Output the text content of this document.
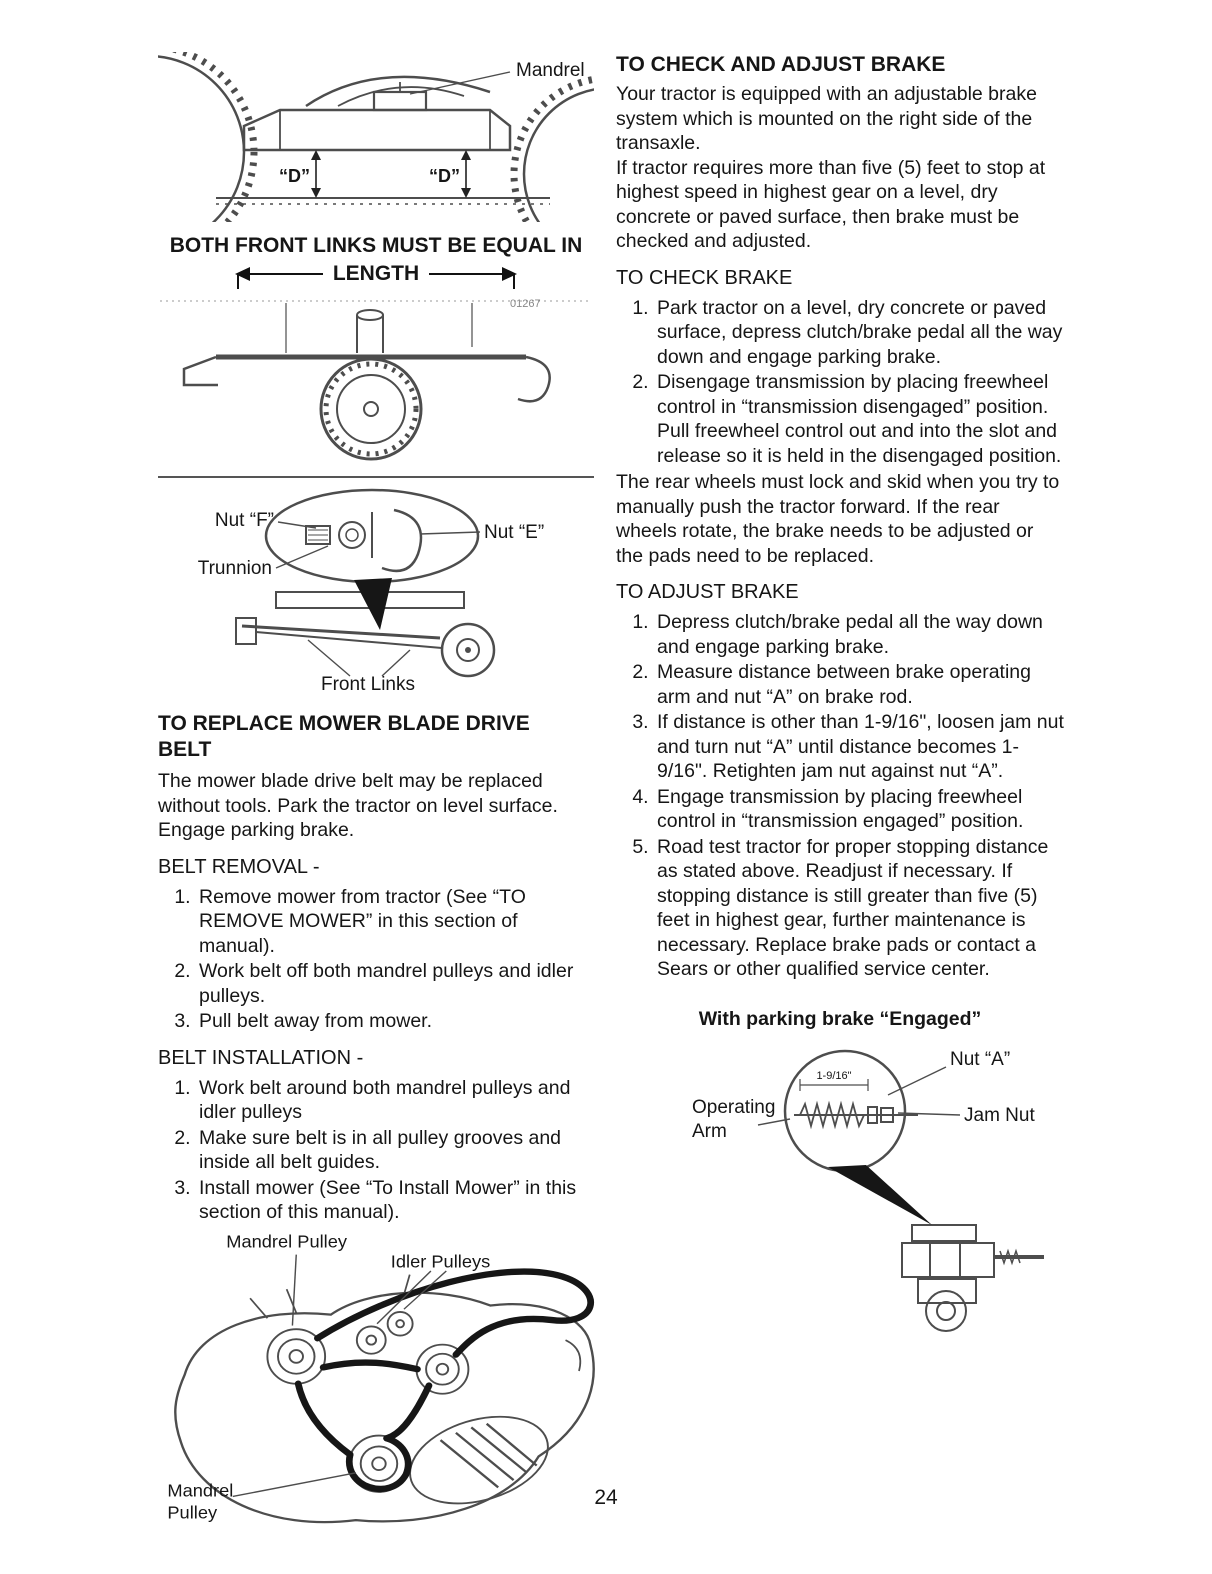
Mandrel
“D”	“D”
BOTH FRONT LINKS MUST BE EQUAL IN
LENGTH
01267
Nut “F”
Trunnion
Nut “E”
Front Links
TO REPLACE MOWER BLADE DRIVE BELT

The mower blade drive belt may be replaced without tools. Park the tractor on level surface. Engage parking brake.

BELT REMOVAL -
1. Remove mower from tractor (See “TO REMOVE MOWER” in this section of manual).
2. Work belt off both mandrel pulleys and idler pulleys.
3. Pull belt away from mower.
BELT INSTALLATION -
1. Work belt around both mandrel pulleys and idler pulleys
2. Make sure belt is in all pulley grooves and inside all belt guides.
3. Install mower (See “To Install Mower” in this section of this manual).
Mandrel Pulley
Idler Pulleys
Mandrel
Pulley
TO CHECK AND ADJUST BRAKE

Your tractor is equipped with an adjustable brake system which is mounted on the right side of the transaxle.

If tractor requires more than five (5) feet to stop at highest speed in highest gear on a level, dry concrete or paved surface, then brake must be checked and adjusted.

TO CHECK BRAKE
1. Park tractor on a level, dry concrete or paved surface, depress clutch/brake pedal all the way down and engage parking brake.
2. Disengage transmission by placing freewheel control in “transmission disengaged” position. Pull freewheel control out and into the slot and release so it is held in the disengaged position.

The rear wheels must lock and skid when you try to manually push the tractor forward. If the rear wheels rotate, the brake needs to be adjusted or the pads need to be replaced.

TO ADJUST BRAKE
1. Depress clutch/brake pedal all the way down and engage parking brake.
2. Measure distance between brake operating arm and nut “A” on brake rod.
3. If distance is other than 1-9/16", loosen jam nut and turn nut “A” until distance becomes 1-9/16". Retighten jam nut against nut “A”.
4. Engage transmission by placing freewheel control in “transmission engaged” position.
5. Road test tractor for proper stopping distance as stated above. Readjust if necessary. If stopping distance is still greater than five (5) feet in highest gear, further maintenance is necessary. Replace brake pads or contact a Sears or other qualified service center.
With parking brake “Engaged”
Operating
Arm
Nut “A”
Jam Nut
1-9/16"
24
